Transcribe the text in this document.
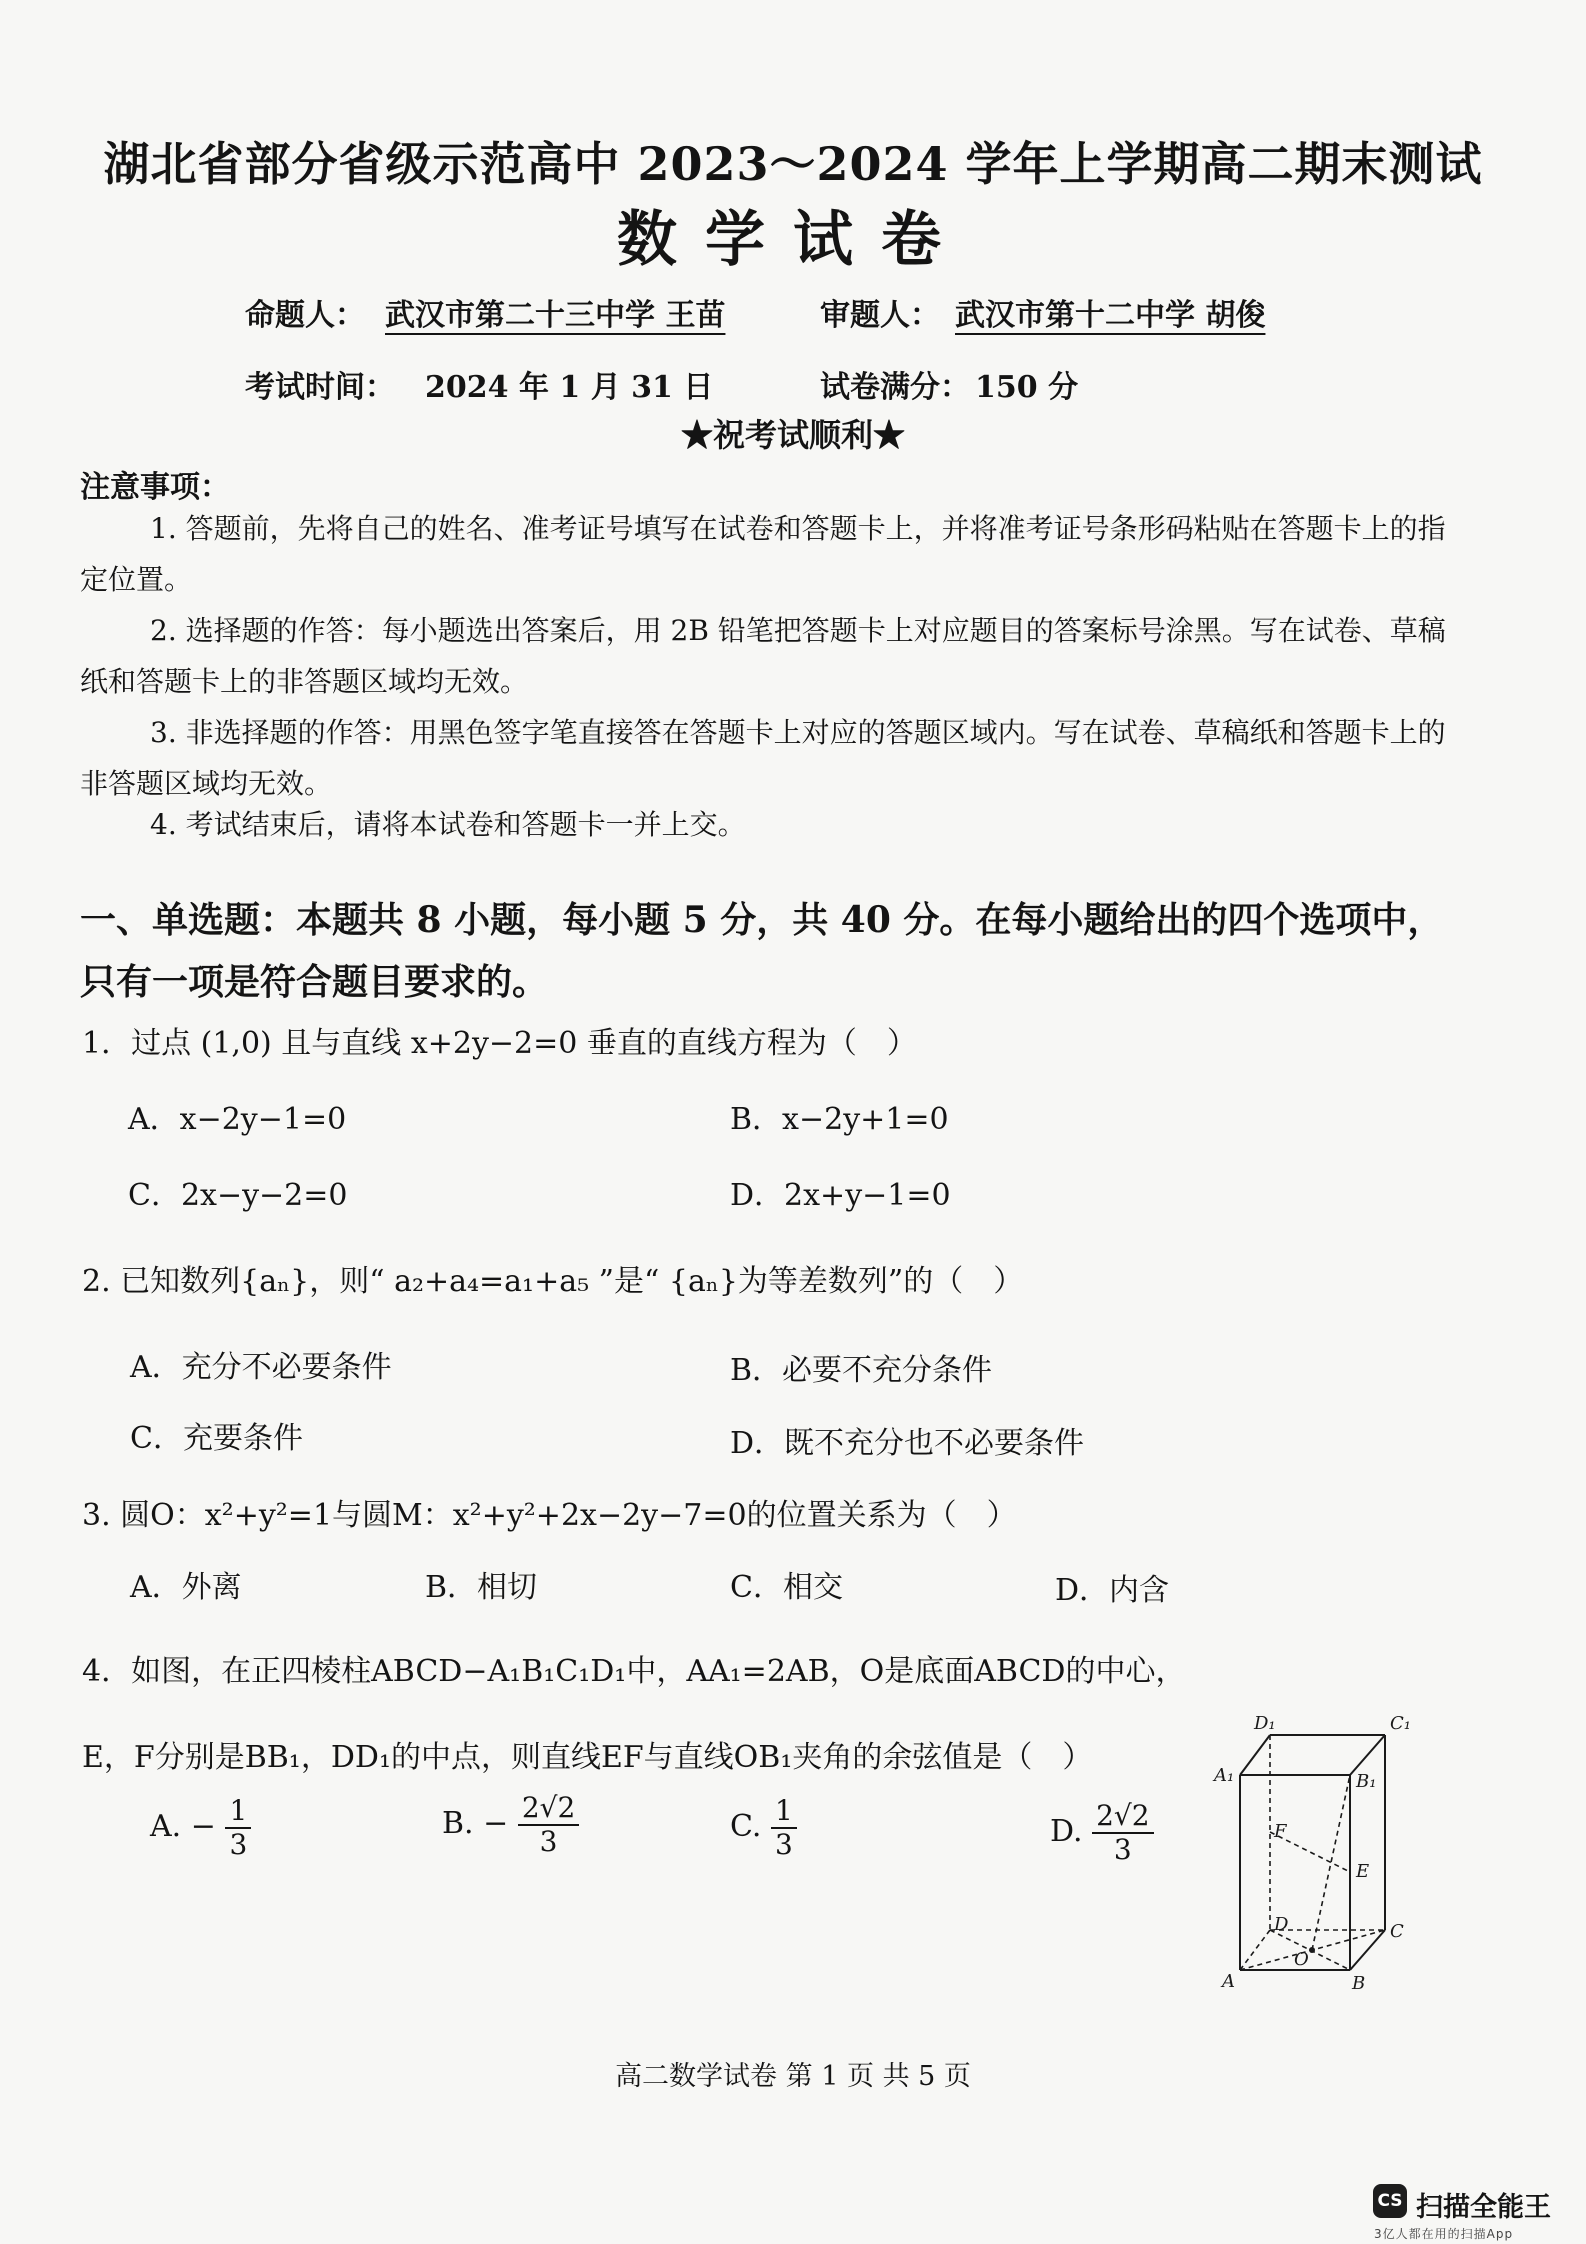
湖北省部分省级示范高中 2023～2024 学年上学期高二期末测试
数学试卷
命题人： 武汉市第二十三中学 王苗	审题人： 武汉市第十二中学 胡俊
考试时间： 2024 年 1 月 31 日	试卷满分： 150 分
★祝考试顺利★
注意事项：
1. 答题前，先将自己的姓名、准考证号填写在试卷和答题卡上，并将准考证号条形码粘贴在答题卡上的指定位置。
2. 选择题的作答：每小题选出答案后，用 2B 铅笔把答题卡上对应题目的答案标号涂黑。写在试卷、草稿纸和答题卡上的非答题区域均无效。
3. 非选择题的作答：用黑色签字笔直接答在答题卡上对应的答题区域内。写在试卷、草稿纸和答题卡上的非答题区域均无效。
4. 考试结束后，请将本试卷和答题卡一并上交。
一、单选题：本题共 8 小题，每小题 5 分，共 40 分。在每小题给出的四个选项中，只有一项是符合题目要求的。
1．过点 (1,0) 且与直线 x+2y−2=0 垂直的直线方程为（　）
A．x−2y−1=0	B．x−2y+1=0
C．2x−y−2=0	D．2x+y−1=0
2. 已知数列{aₙ}，则“ a₂+a₄=a₁+a₅ ”是“ {aₙ}为等差数列”的（　）
A．充分不必要条件	B．必要不充分条件
C．充要条件	D．既不充分也不必要条件
3. 圆O：x²+y²=1与圆M：x²+y²+2x−2y−7=0的位置关系为（　）
A．外离	B．相切	C．相交	D．内含
4．如图，在正四棱柱ABCD−A₁B₁C₁D₁中，AA₁=2AB，O是底面ABCD的中心，
E，F分别是BB₁，DD₁的中点，则直线EF与直线OB₁夹角的余弦值是（　）
A. − $\frac{1}{3}$	B. − $\frac{2√2}{3}$	C. $\frac{1}{3}$	D. $\frac{2√2}{3}$
D₁	C₁
A₁	B₁
F
E
D	C
O
A	B
高二数学试卷 第 1 页 共 5 页
CS 扫描全能王
3亿人都在用的扫描App
